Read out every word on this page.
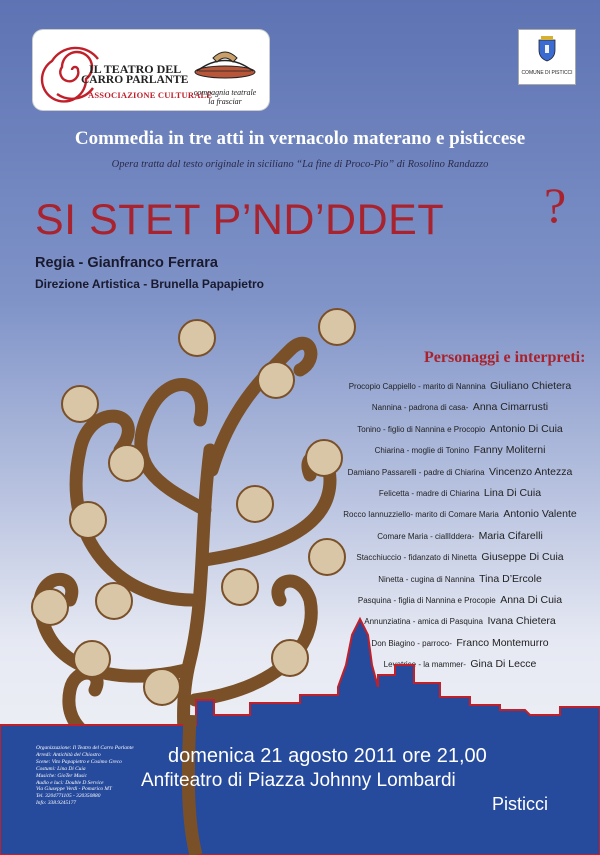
IL TEATRO DEL
CARRO PARLANTE
ASSOCIAZIONE CULTURALE
compagnia teatrale
la frasciar
COMUNE DI PISTICCI
Commedia in tre atti in vernacolo materano e pisticcese
Opera tratta dal testo originale in siciliano “La fine di Proco-Pio” di Rosolino Randazzo
SI STET P’ND’DDET ?
Regia - Gianfranco Ferrara
Direzione Artistica - Brunella Papapietro
Personaggi e interpreti:
Procopio Cappiello - marito di Nannina Giuliano Chietera
Nannina - padrona di casa- Anna Cimarrusti
Tonino - figlio di Nannina e Procopio Antonio Di Cuia
Chiarina - moglie di Tonino Fanny Moliterni
Damiano Passarelli - padre di Chiarina Vincenzo Antezza
Felicetta - madre di Chiarina Lina Di Cuia
Rocco Iannuzziello- marito di Comare Maria Antonio Valente
Comare Maria - ciallIddera- Maria Cifarelli
Stacchiuccio - fidanzato di Ninetta Giuseppe Di Cuia
Ninetta - cugina di Nannina Tina D’Ercole
Pasquina - figlia di Nannina e Procopie Anna Di Cuia
Annunziatina - amica di Pasquina Ivana Chietera
Don Biagino - parroco- Franco Montemurro
Levatrice - la mammer- Gina Di Lecce
Organizzazione: Il Teatro del Carro Parlante
Arredi: Antichità del Chiostro
Scene: Vito Papapietro e Cosimo Greco
Costumi: Lina Di Cuia
Musiche: GioTer Music
Audio e luci: Double D Service
Via Giuseppe Verdi - Pomarico MT
Tel. 3204771105 - 320350880
Info: 338.9245177
domenica 21 agosto 2011 ore 21,00
Anfiteatro di Piazza Johnny Lombardi
Pisticci
